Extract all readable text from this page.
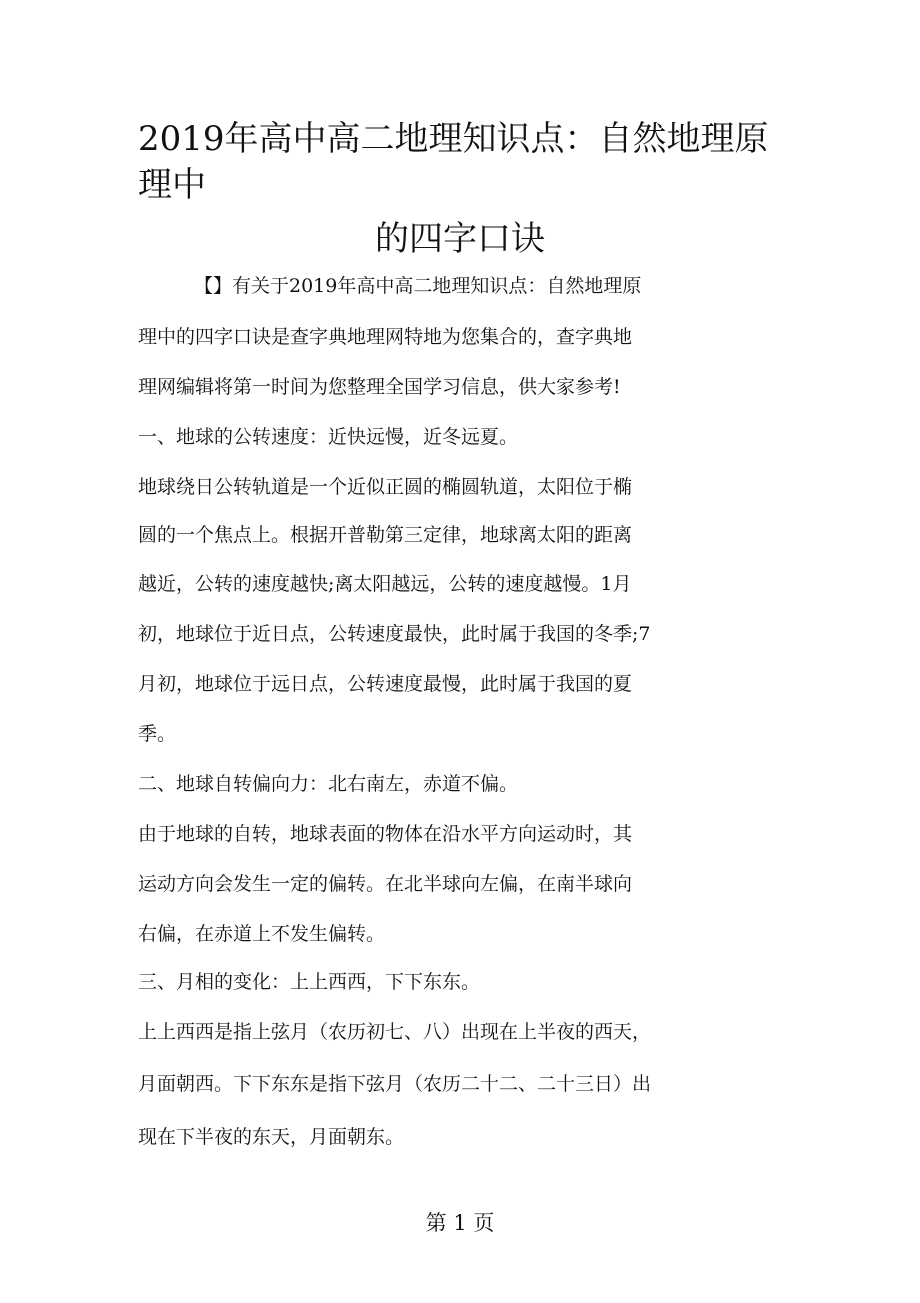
2019年高中高二地理知识点：自然地理原
理中
的四字口诀

【】有关于2019年高中高二地理知识点：自然地理原

理中的四字口诀是查字典地理网特地为您集合的，查字典地

理网编辑将第一时间为您整理全国学习信息，供大家参考!

一、地球的公转速度：近快远慢，近冬远夏。

地球绕日公转轨道是一个近似正圆的椭圆轨道，太阳位于椭

圆的一个焦点上。根据开普勒第三定律，地球离太阳的距离

越近，公转的速度越快;离太阳越远，公转的速度越慢。1月

初，地球位于近日点，公转速度最快，此时属于我国的冬季;7

月初，地球位于远日点，公转速度最慢，此时属于我国的夏

季。

二、地球自转偏向力：北右南左，赤道不偏。

由于地球的自转，地球表面的物体在沿水平方向运动时，其

运动方向会发生一定的偏转。在北半球向左偏，在南半球向

右偏，在赤道上不发生偏转。

三、月相的变化：上上西西，下下东东。

上上西西是指上弦月（农历初七、八）出现在上半夜的西天，

月面朝西。下下东东是指下弦月（农历二十二、二十三日）出

现在下半夜的东天，月面朝东。

第 1 页
